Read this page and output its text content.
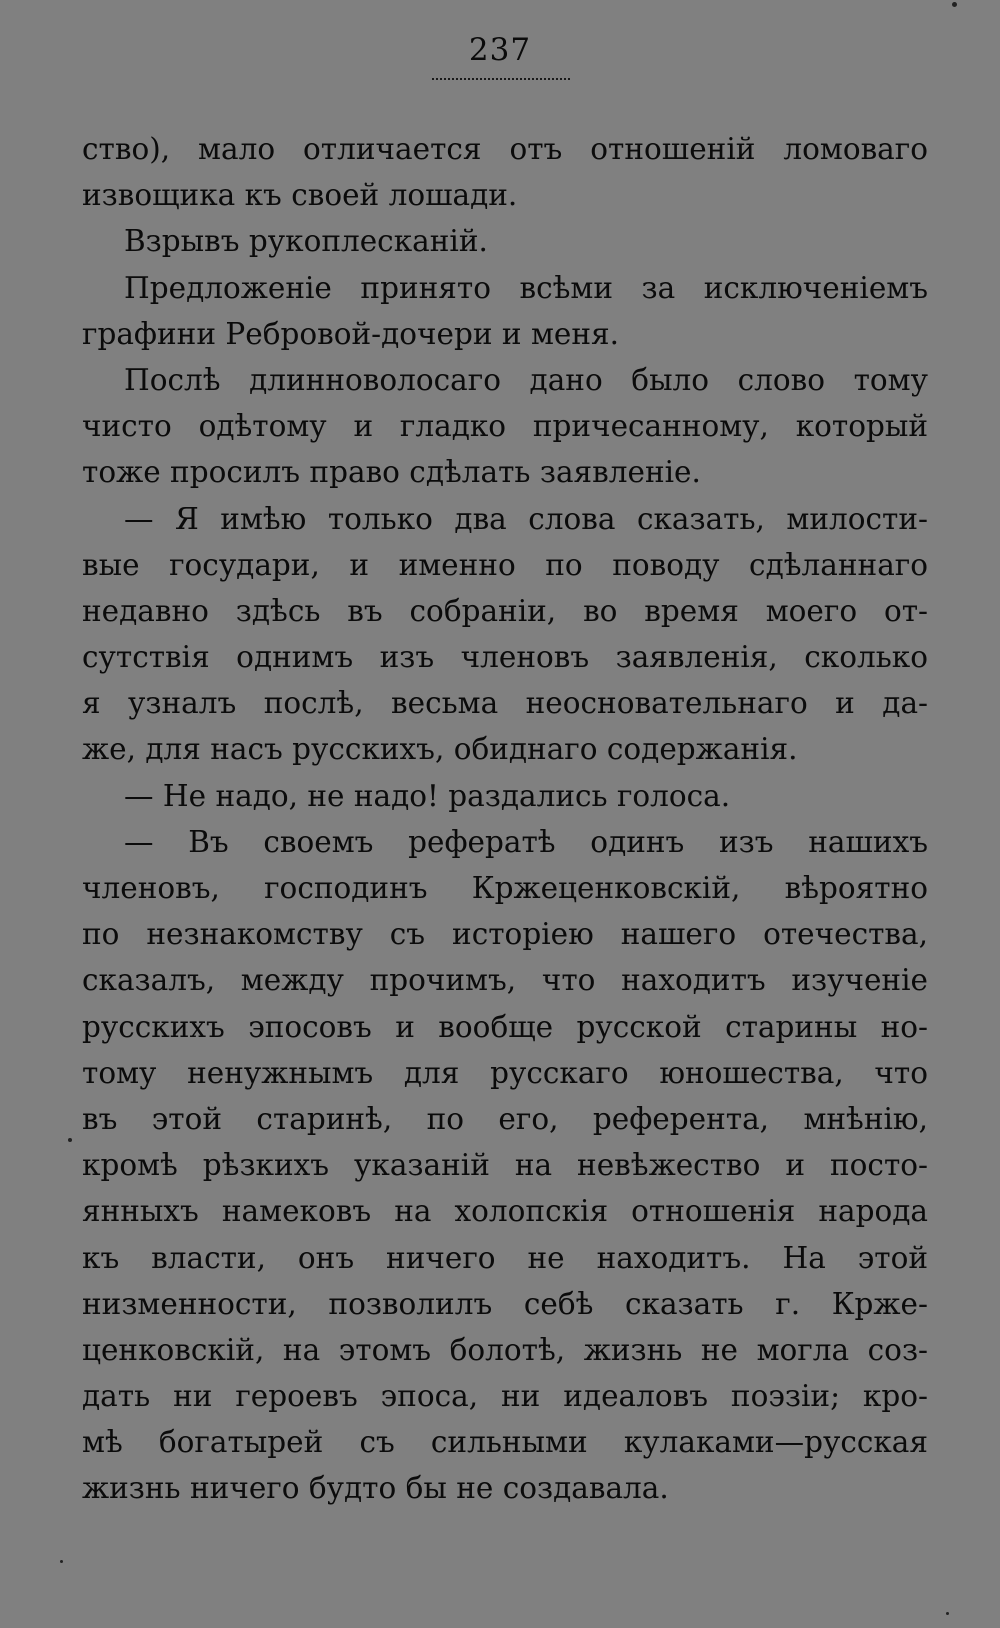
237
ство), мало отличается отъ отношеній ломоваго
извощика къ своей лошади.
Взрывъ рукоплесканій.
Предложеніе принято всѣми за исключеніемъ
графини Ребровой-дочери и меня.
Послѣ длинноволосаго дано было слово тому
чисто одѣтому и гладко причесанному, который
тоже просилъ право сдѣлать заявленіе.
— Я имѣю только два слова сказать, милости-
вые государи, и именно по поводу сдѣланнаго
недавно здѣсь въ собраніи, во время моего от-
сутствія однимъ изъ членовъ заявленія, сколько
я узналъ послѣ, весьма неосновательнаго и да-
же, для насъ русскихъ, обиднаго содержанія.
— Не надо, не надо! раздались голоса.
— Въ своемъ рефератѣ одинъ изъ нашихъ
членовъ, господинъ Кржеценковскій, вѣроятно
по незнакомству съ исторіею нашего отечества,
сказалъ, между прочимъ, что находитъ изученіе
русскихъ эпосовъ и вообще русской старины но-
тому ненужнымъ для русскаго юношества, что
въ этой старинѣ, по его, референта, мнѣнію,
кромѣ рѣзкихъ указаній на невѣжество и посто-
янныхъ намековъ на холопскія отношенія народа
къ власти, онъ ничего не находитъ. На этой
низменности, позволилъ себѣ сказать г. Крже-
ценковскій, на этомъ болотѣ, жизнь не могла соз-
дать ни героевъ эпоса, ни идеаловъ поэзіи; кро-
мѣ богатырей съ сильными кулаками—русская
жизнь ничего будто бы не создавала.
